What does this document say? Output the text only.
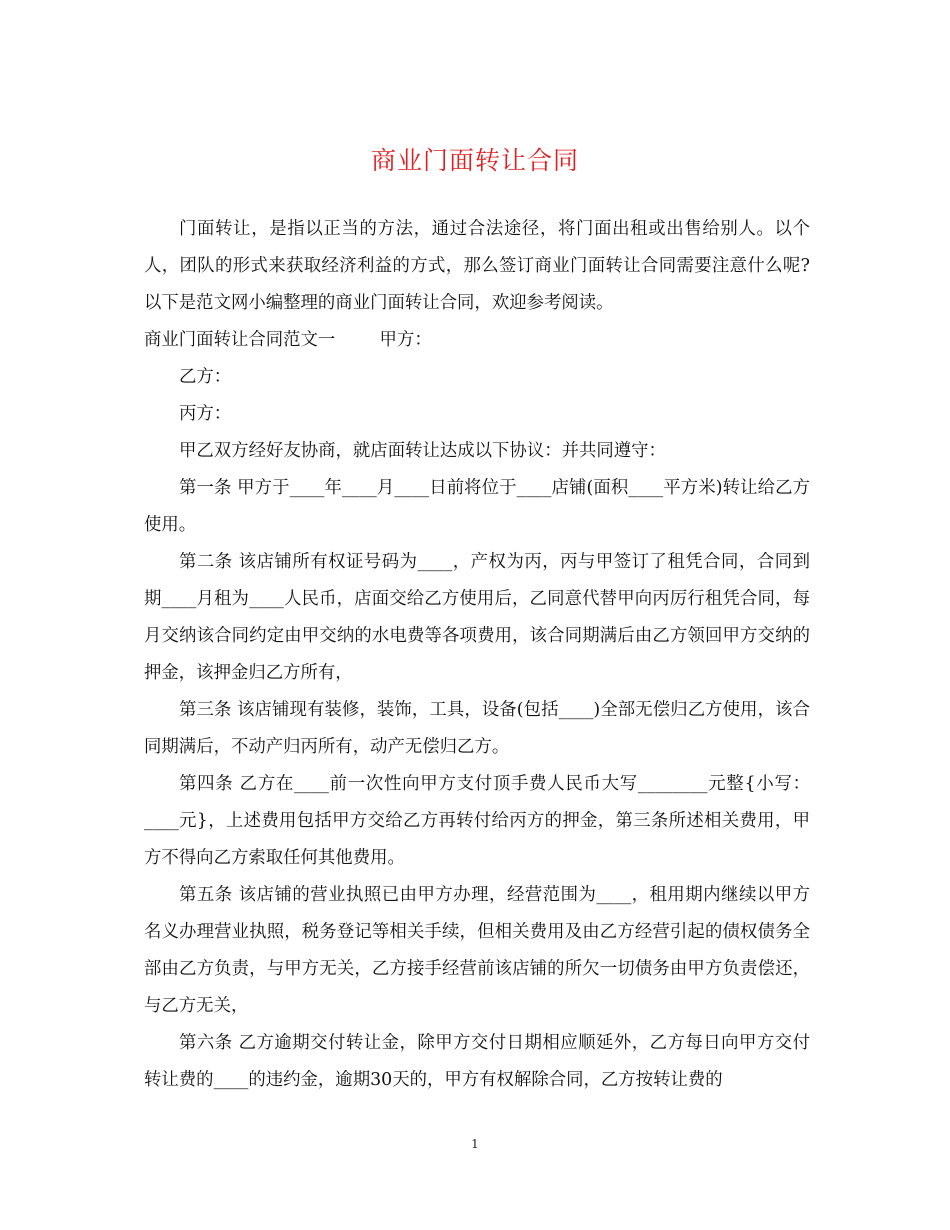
商业门面转让合同

门面转让，是指以正当的方法，通过合法途径，将门面出租或出售给别人。以个人，团队的形式来获取经济利益的方式，那么签订商业门面转让合同需要注意什么呢?以下是范文网小编整理的商业门面转让合同，欢迎参考阅读。

商业门面转让合同范文一	甲方：

乙方：

丙方：

甲乙双方经好友协商，就店面转让达成以下协议：并共同遵守：

第一条 甲方于____年____月____日前将位于____店铺(面积____平方米)转让给乙方使用。

第二条 该店铺所有权证号码为____，产权为丙，丙与甲签订了租凭合同，合同到期____月租为____人民币，店面交给乙方使用后，乙同意代替甲向丙厉行租凭合同，每月交纳该合同约定由甲交纳的水电费等各项费用，该合同期满后由乙方领回甲方交纳的押金，该押金归乙方所有，

第三条 该店铺现有装修，装饰，工具，设备(包括____)全部无偿归乙方使用，该合同期满后，不动产归丙所有，动产无偿归乙方。

第四条 乙方在____前一次性向甲方支付顶手费人民币大写________元整{小写：____元}，上述费用包括甲方交给乙方再转付给丙方的押金，第三条所述相关费用，甲方不得向乙方索取任何其他费用。

第五条 该店铺的营业执照已由甲方办理，经营范围为____，租用期内继续以甲方名义办理营业执照，税务登记等相关手续，但相关费用及由乙方经营引起的债权债务全部由乙方负责，与甲方无关，乙方接手经营前该店铺的所欠一切债务由甲方负责偿还，与乙方无关，

第六条 乙方逾期交付转让金，除甲方交付日期相应顺延外，乙方每日向甲方交付转让费的____的违约金，逾期30天的，甲方有权解除合同，乙方按转让费的

1
